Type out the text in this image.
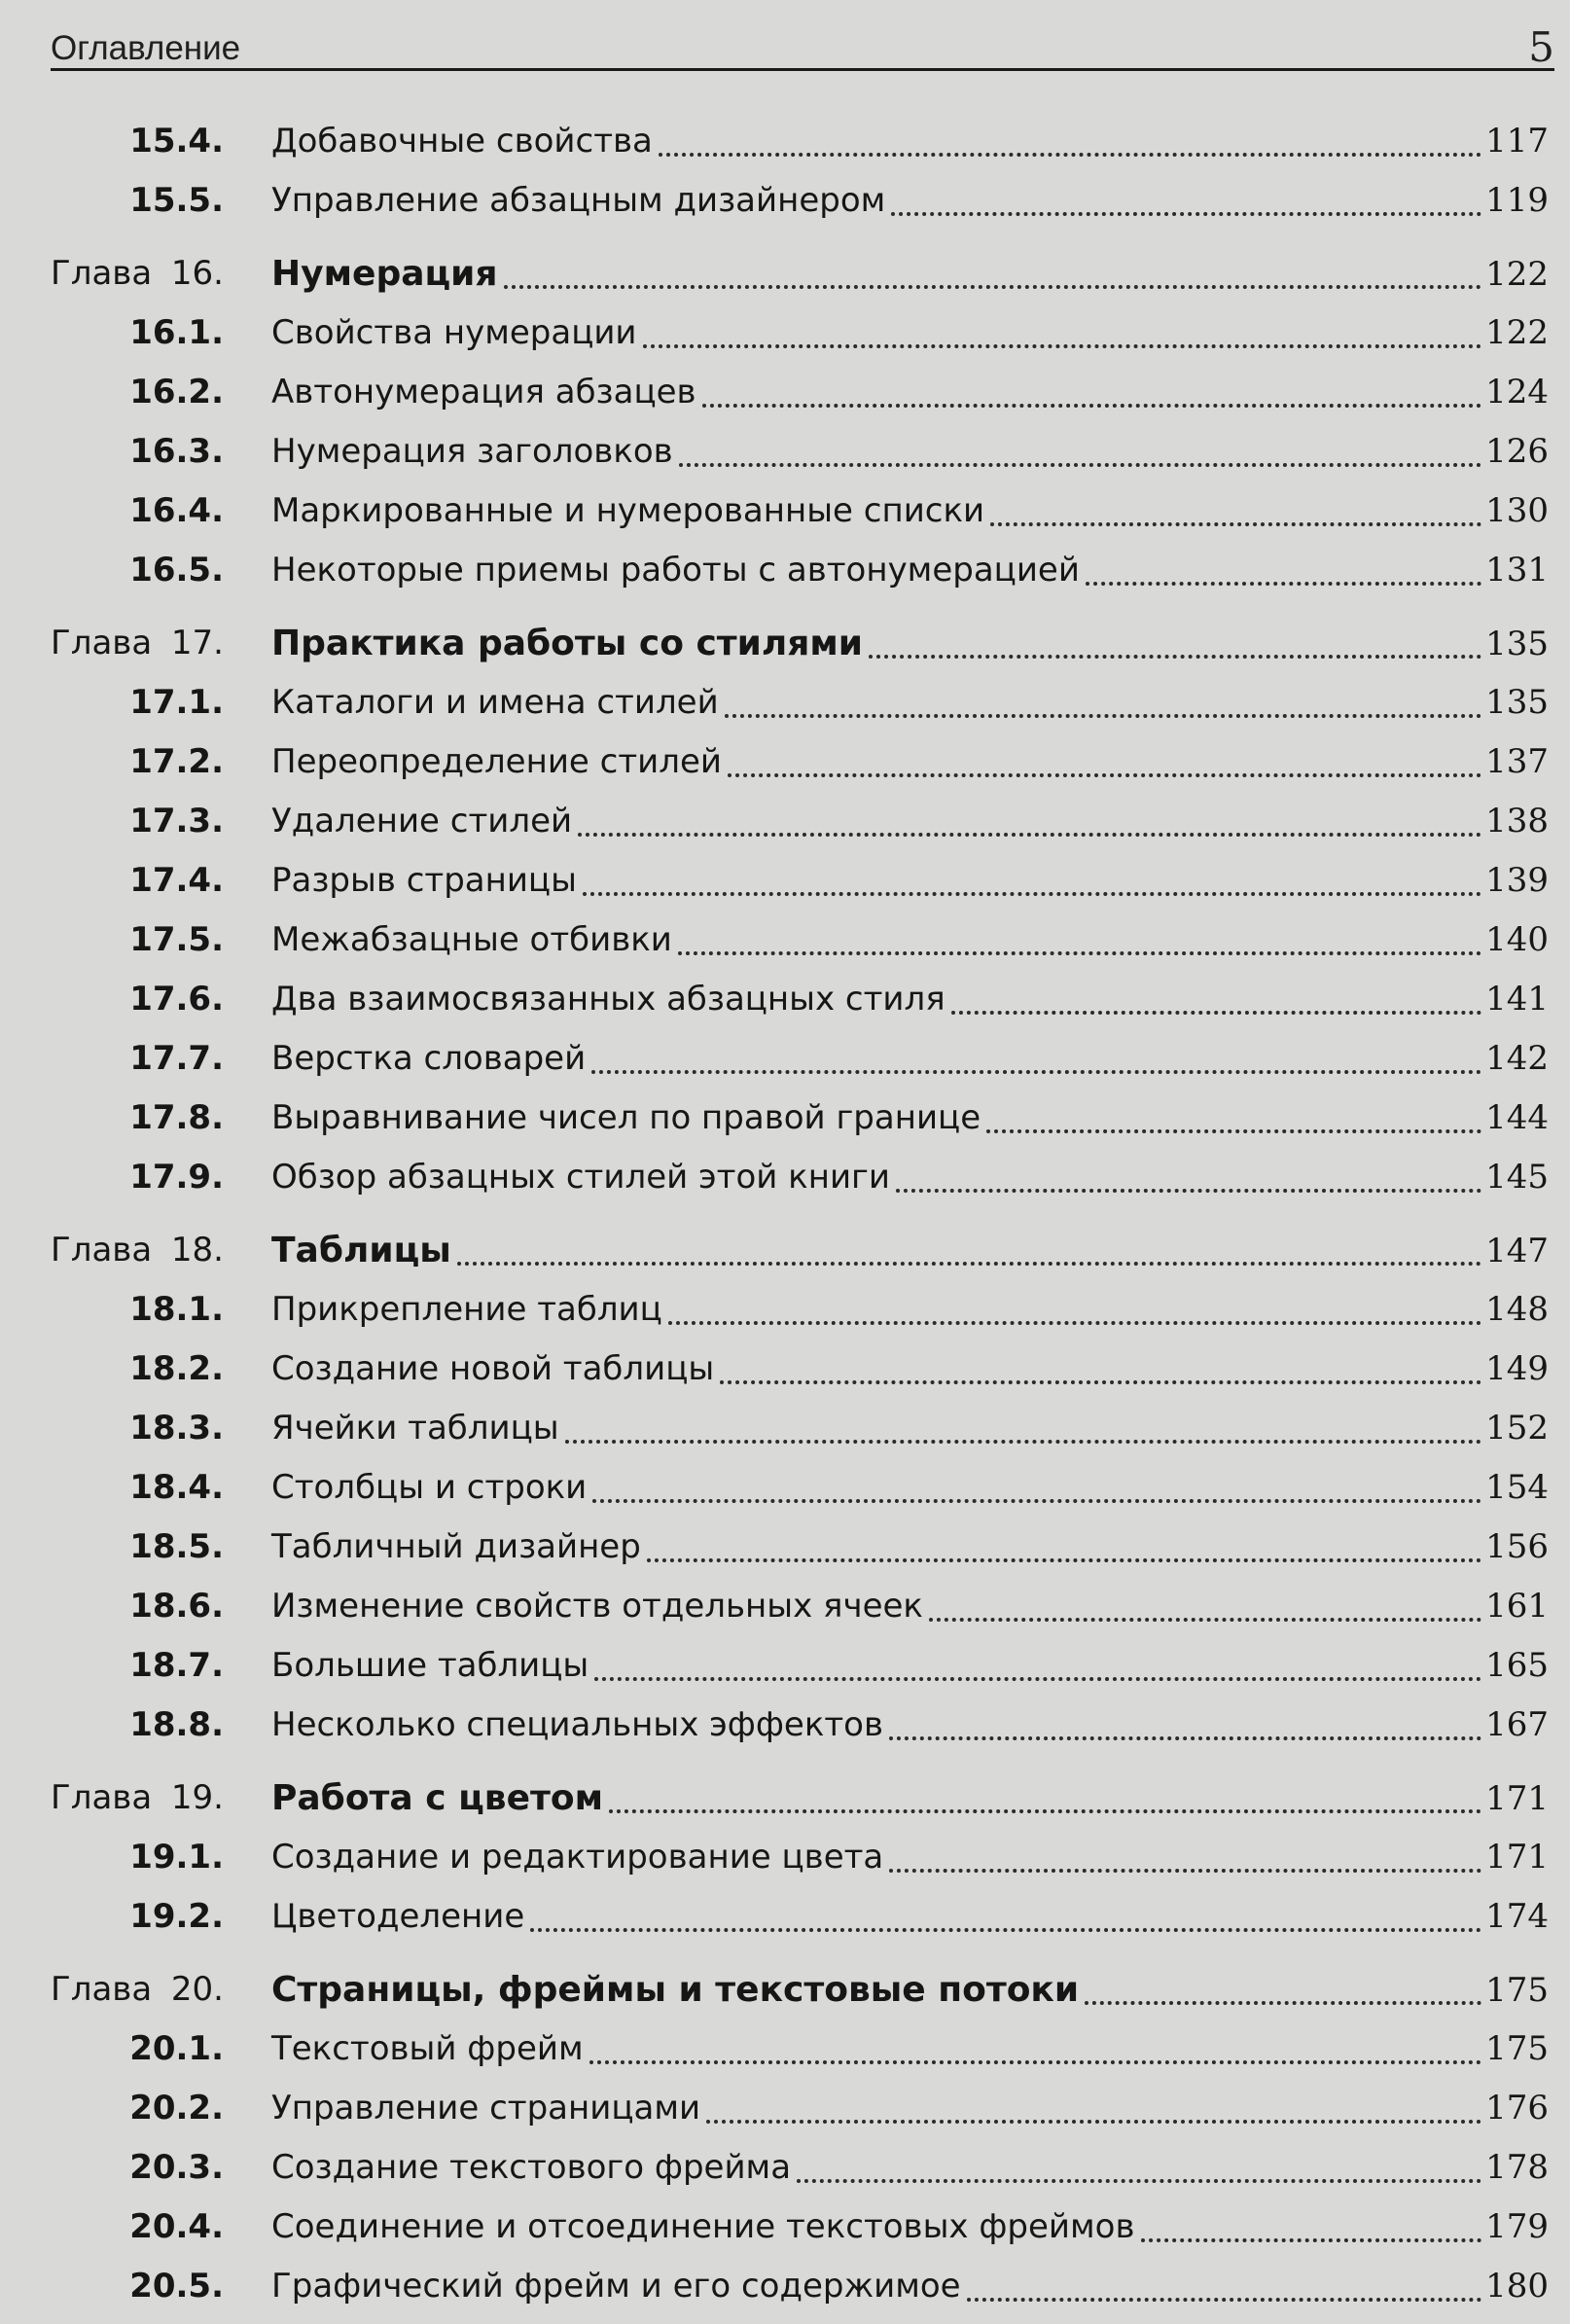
Оглавление	5
15.4. Добавочные свойства	117
15.5. Управление абзацным дизайнером	119
Глава 16. Нумерация	122
16.1. Свойства нумерации	122
16.2. Автонумерация абзацев	124
16.3. Нумерация заголовков	126
16.4. Маркированные и нумерованные списки	130
16.5. Некоторые приемы работы с автонумерацией	131
Глава 17. Практика работы со стилями	135
17.1. Каталоги и имена стилей	135
17.2. Переопределение стилей	137
17.3. Удаление стилей	138
17.4. Разрыв страницы	139
17.5. Межабзацные отбивки	140
17.6. Два взаимосвязанных абзацных стиля	141
17.7. Верстка словарей	142
17.8. Выравнивание чисел по правой границе	144
17.9. Обзор абзацных стилей этой книги	145
Глава 18. Таблицы	147
18.1. Прикрепление таблиц	148
18.2. Создание новой таблицы	149
18.3. Ячейки таблицы	152
18.4. Столбцы и строки	154
18.5. Табличный дизайнер	156
18.6. Изменение свойств отдельных ячеек	161
18.7. Большие таблицы	165
18.8. Несколько специальных эффектов	167
Глава 19. Работа с цветом	171
19.1. Создание и редактирование цвета	171
19.2. Цветоделение	174
Глава 20. Страницы, фреймы и текстовые потоки	175
20.1. Текстовый фрейм	175
20.2. Управление страницами	176
20.3. Создание текстового фрейма	178
20.4. Соединение и отсоединение текстовых фреймов	179
20.5. Графический фрейм и его содержимое	180
